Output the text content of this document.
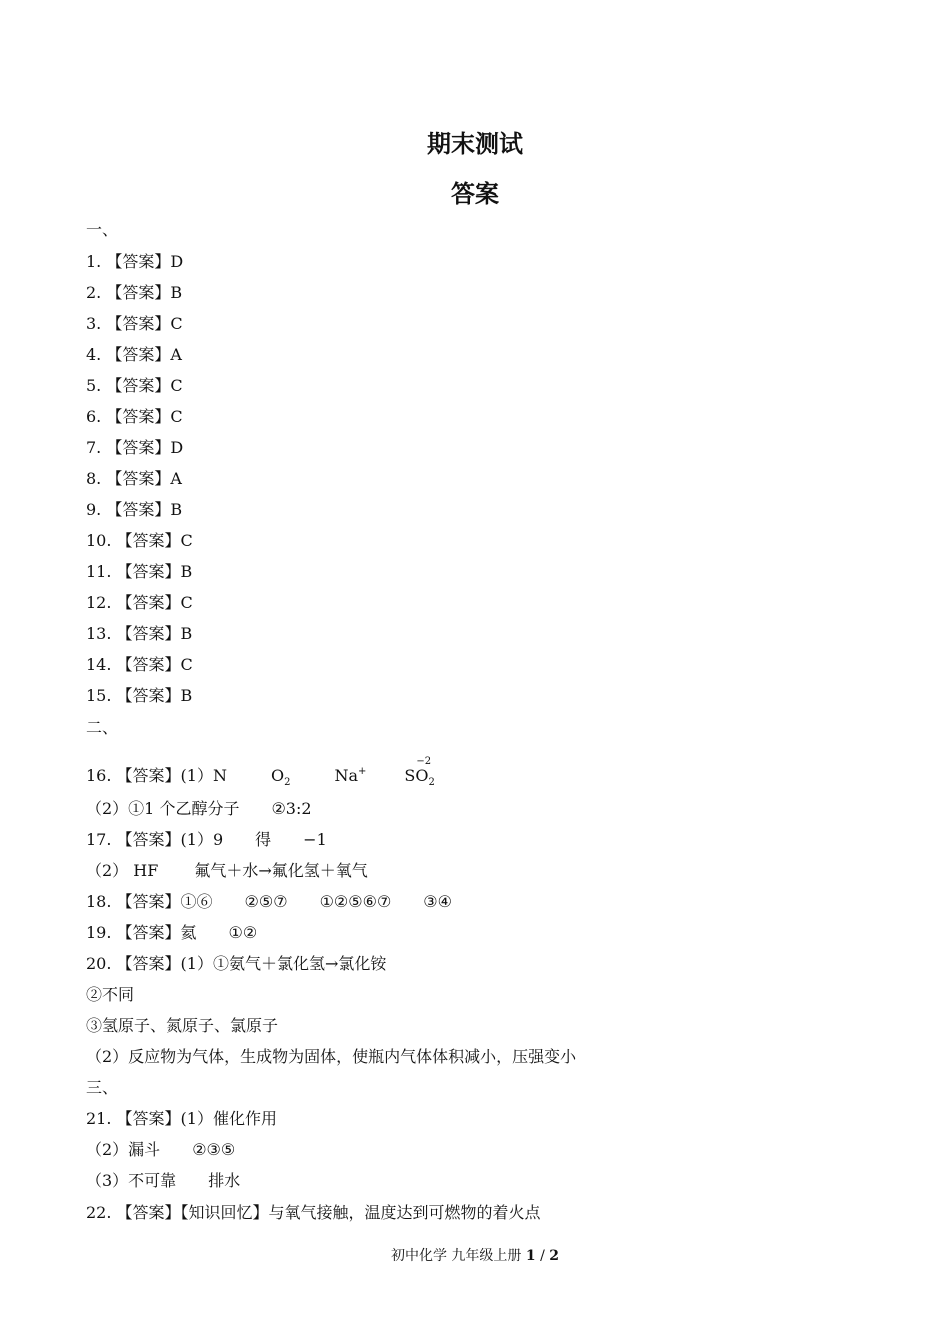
期末测试
答案
一、
1. 【答案】D
2. 【答案】B
3. 【答案】C
4. 【答案】A
5. 【答案】C
6. 【答案】C
7. 【答案】D
8. 【答案】A
9. 【答案】B
10. 【答案】C
11. 【答案】B
12. 【答案】C
13. 【答案】B
14. 【答案】C
15. 【答案】B
二、
16. 【答案】(1）N	$O_2$	Na+
−2
$SO_2$
（2）①1 个乙醇分子 ②3:2
17. 【答案】(1）9 得 −1
（2） HF 氟气＋水→氟化氢＋氧气
18. 【答案】①⑥ ②⑤⑦ ①②⑤⑥⑦ ③④
19. 【答案】氦 ①②
20. 【答案】(1）①氨气＋氯化氢→氯化铵
②不同
③氢原子、氮原子、氯原子
（2）反应物为气体，生成物为固体，使瓶内气体体积减小，压强变小
三、
21. 【答案】(1）催化作用
（2）漏斗 ②③⑤
（3）不可靠 排水
22. 【答案】【知识回忆】与氧气接触，温度达到可燃物的着火点
初中化学 九年级上册 1 / 2
